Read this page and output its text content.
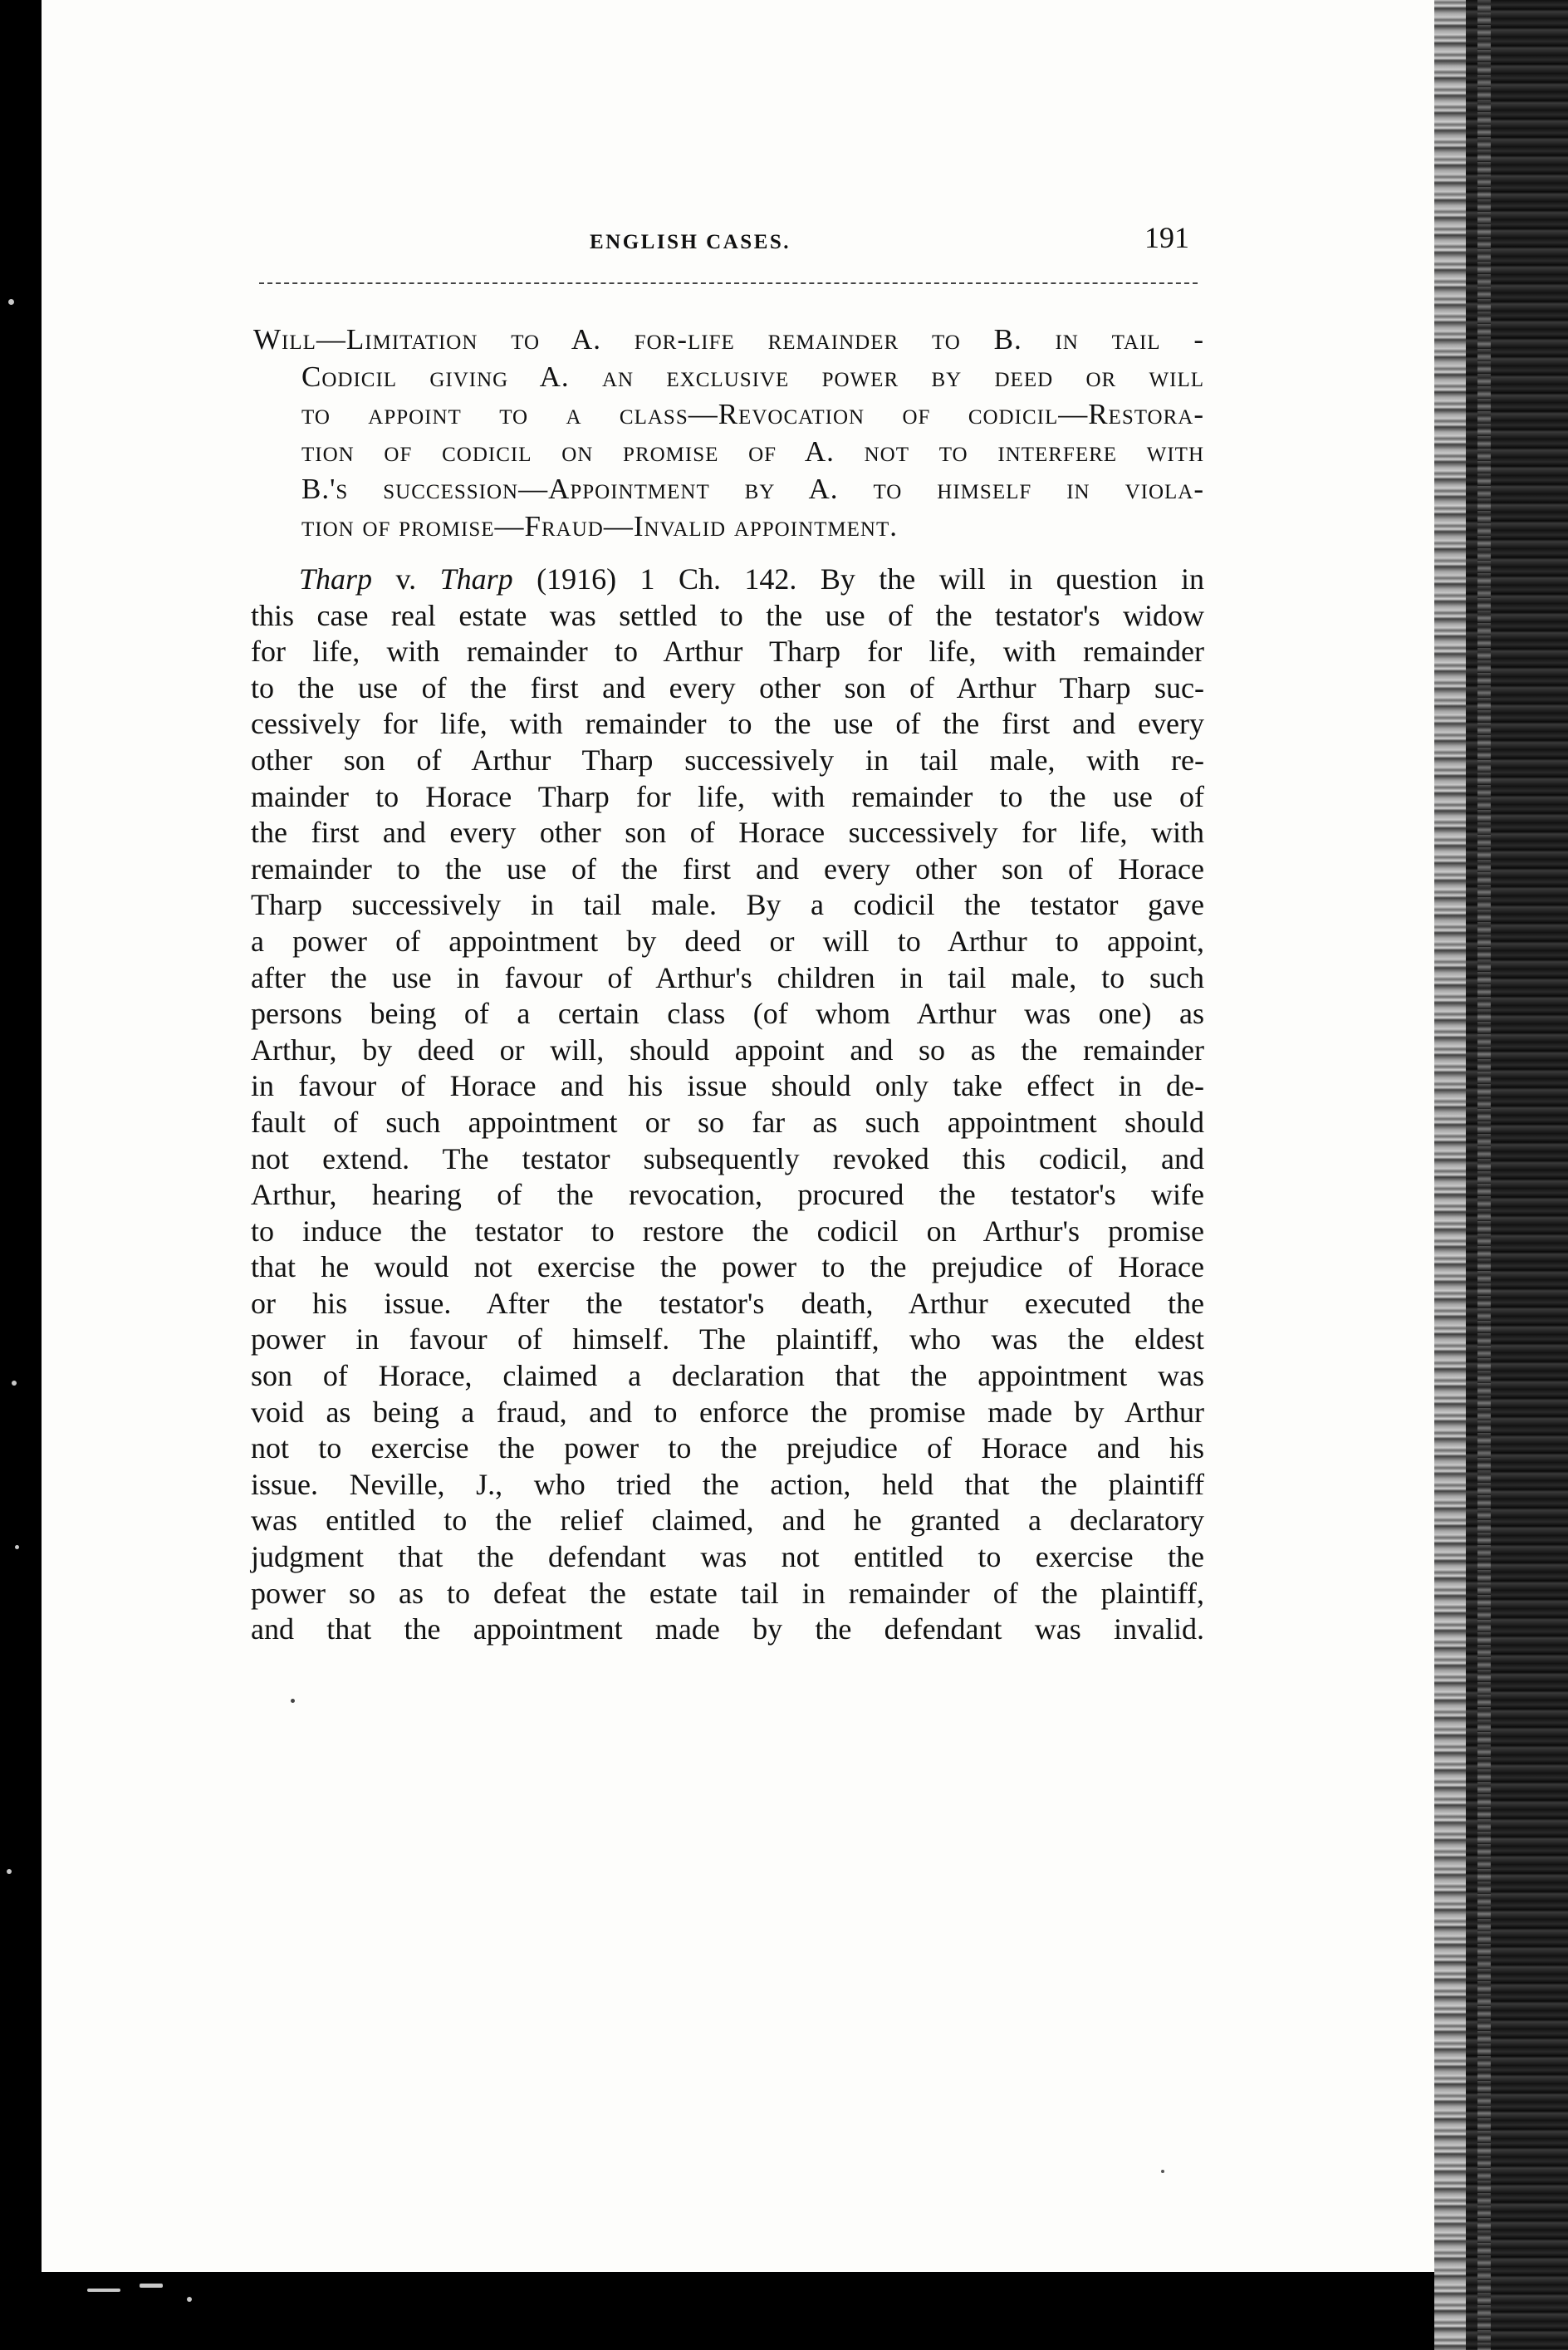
ENGLISH CASES.	191
Will—Limitation to A. for-life remainder to B. in tail -
Codicil giving A. an exclusive power by deed or will
to appoint to a class—Revocation of codicil—Restora-
tion of codicil on promise of A. not to interfere with
B.'s succession—Appointment by A. to himself in viola-
tion of promise—Fraud—Invalid appointment.
Tharp v. Tharp (1916) 1 Ch. 142. By the will in question in
this case real estate was settled to the use of the testator's widow
for life, with remainder to Arthur Tharp for life, with remainder
to the use of the first and every other son of Arthur Tharp suc-
cessively for life, with remainder to the use of the first and every
other son of Arthur Tharp successively in tail male, with re-
mainder to Horace Tharp for life, with remainder to the use of
the first and every other son of Horace successively for life, with
remainder to the use of the first and every other son of Horace
Tharp successively in tail male. By a codicil the testator gave
a power of appointment by deed or will to Arthur to appoint,
after the use in favour of Arthur's children in tail male, to such
persons being of a certain class (of whom Arthur was one) as
Arthur, by deed or will, should appoint and so as the remainder
in favour of Horace and his issue should only take effect in de-
fault of such appointment or so far as such appointment should
not extend. The testator subsequently revoked this codicil, and
Arthur, hearing of the revocation, procured the testator's wife
to induce the testator to restore the codicil on Arthur's promise
that he would not exercise the power to the prejudice of Horace
or his issue. After the testator's death, Arthur executed the
power in favour of himself. The plaintiff, who was the eldest
son of Horace, claimed a declaration that the appointment was
void as being a fraud, and to enforce the promise made by Arthur
not to exercise the power to the prejudice of Horace and his
issue. Neville, J., who tried the action, held that the plaintiff
was entitled to the relief claimed, and he granted a declaratory
judgment that the defendant was not entitled to exercise the
power so as to defeat the estate tail in remainder of the plaintiff,
and that the appointment made by the defendant was invalid.
